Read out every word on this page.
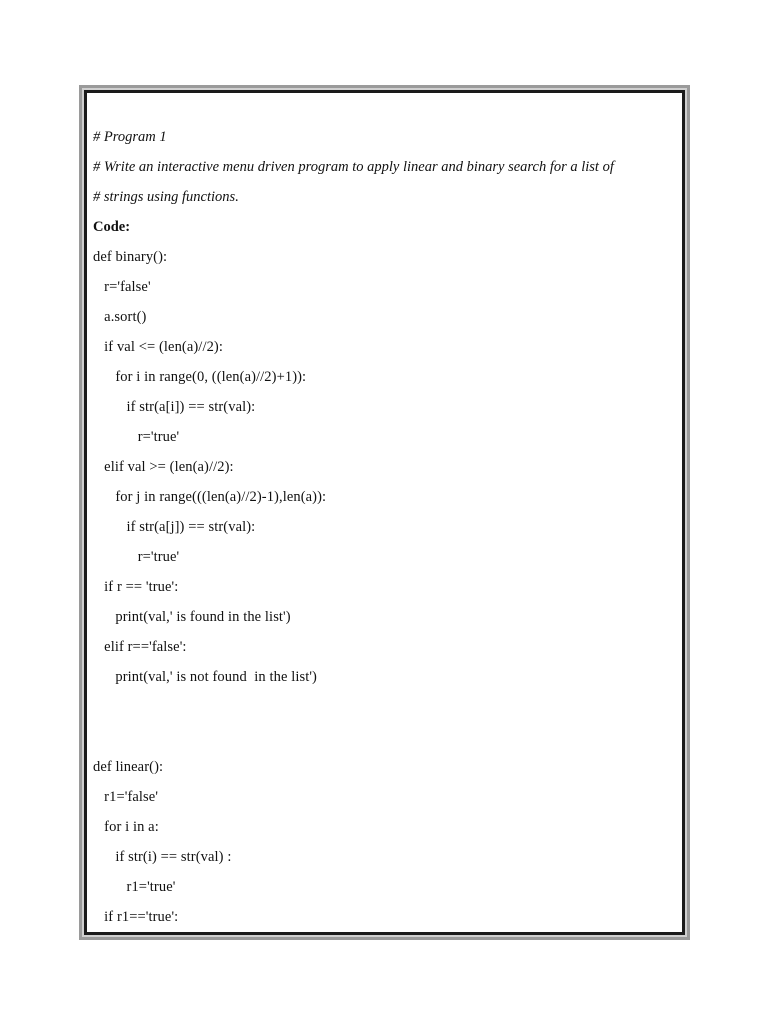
# Program 1
# Write an interactive menu driven program to apply linear and binary search for a list of
# strings using functions.
Code:
def binary():
r='false'
a.sort()
if val <= (len(a)//2):
for i in range(0, ((len(a)//2)+1)):
if str(a[i]) == str(val):
r='true'
elif val >= (len(a)//2):
for j in range(((len(a)//2)-1),len(a)):
if str(a[j]) == str(val):
r='true'
if r == 'true':
print(val,' is found in the list')
elif r=='false':
print(val,' is not found  in the list')
def linear():
r1='false'
for i in a:
if str(i) == str(val) :
r1='true'
if r1=='true':
